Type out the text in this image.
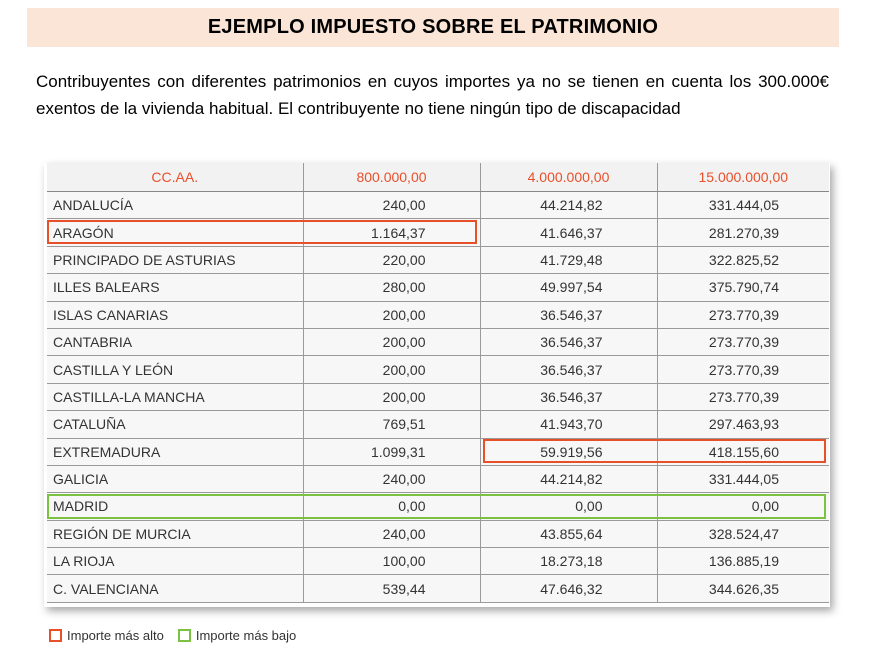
EJEMPLO IMPUESTO SOBRE EL PATRIMONIO
Contribuyentes con diferentes patrimonios en cuyos importes ya no se tienen en cuenta los 300.000€ exentos de la vivienda habitual. El contribuyente no tiene ningún tipo de discapacidad
CC.AA.	800.000,00	4.000.000,00	15.000.000,00
ANDALUCÍA	240,00	44.214,82	331.444,05
ARAGÓN	1.164,37	41.646,37	281.270,39
PRINCIPADO DE ASTURIAS	220,00	41.729,48	322.825,52
ILLES BALEARS	280,00	49.997,54	375.790,74
ISLAS CANARIAS	200,00	36.546,37	273.770,39
CANTABRIA	200,00	36.546,37	273.770,39
CASTILLA Y LEÓN	200,00	36.546,37	273.770,39
CASTILLA-LA MANCHA	200,00	36.546,37	273.770,39
CATALUÑA	769,51	41.943,70	297.463,93
EXTREMADURA	1.099,31	59.919,56	418.155,60
GALICIA	240,00	44.214,82	331.444,05
MADRID	0,00	0,00	0,00
REGIÓN DE MURCIA	240,00	43.855,64	328.524,47
LA RIOJA	100,00	18.273,18	136.885,19
C. VALENCIANA	539,44	47.646,32	344.626,35
Importe más alto Importe más bajo
